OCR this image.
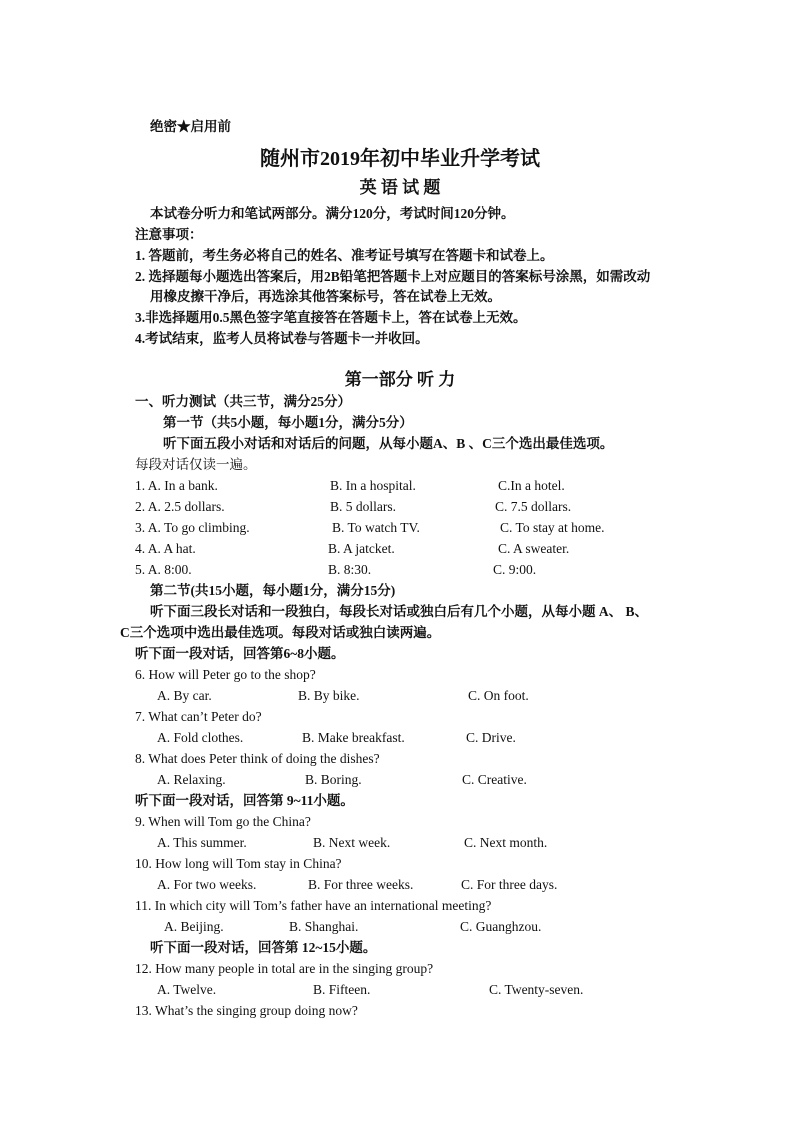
绝密★启用前
随州市2019年初中毕业升学考试
英 语 试 题
本试卷分听力和笔试两部分。满分120分，考试时间120分钟。
注意事项：
1. 答题前，考生务必将自己的姓名、准考证号填写在答题卡和试卷上。
2. 选择题每小题选出答案后，用2B铅笔把答题卡上对应题目的答案标号涂黑，如需改动
用橡皮擦干净后，再选涂其他答案标号，答在试卷上无效。
3.非选择题用0.5黑色签字笔直接答在答题卡上，答在试卷上无效。
4.考试结束，监考人员将试卷与答题卡一并收回。
第一部分 听 力
一、听力测试（共三节，满分25分）
第一节（共5小题，每小题1分，满分5分）
听下面五段小对话和对话后的问题，从每小题A、B 、C三个选出最佳选项。
每段对话仅读一遍。
1. A. In a bank.	B. In a hospital.	C.In a hotel.
2. A. 2.5 dollars.	B. 5 dollars.	C. 7.5 dollars.
3. A. To go climbing.	B. To watch TV.	C. To stay at home.
4. A. A hat.	B. A jatcket.	C. A sweater.
5. A. 8:00.	B. 8:30.	C. 9:00.
第二节(共15小题，每小题1分，满分15分)
听下面三段长对话和一段独白，每段长对话或独白后有几个小题，从每小题 A、 B、
C三个选项中选出最佳选项。每段对话或独白读两遍。
听下面一段对话，回答第6~8小题。
6. How will Peter go to the shop?
A. By car.	B. By bike.	C. On foot.
7. What can’t Peter do?
A. Fold clothes.	B. Make breakfast.	C. Drive.
8. What does Peter think of doing the dishes?
A. Relaxing.	B. Boring.	C. Creative.
听下面一段对话，回答第 9~11小题。
9. When will Tom go the China?
A. This summer.	B. Next week.	C. Next month.
10. How long will Tom stay in China?
A. For two weeks.	B. For three weeks.	C. For three days.
11. In which city will Tom’s father have an international meeting?
A. Beijing.	B. Shanghai.	C. Guanghzou.
听下面一段对话，回答第 12~15小题。
12. How many people in total are in the singing group?
A. Twelve.	B. Fifteen.	C. Twenty-seven.
13. What’s the singing group doing now?
